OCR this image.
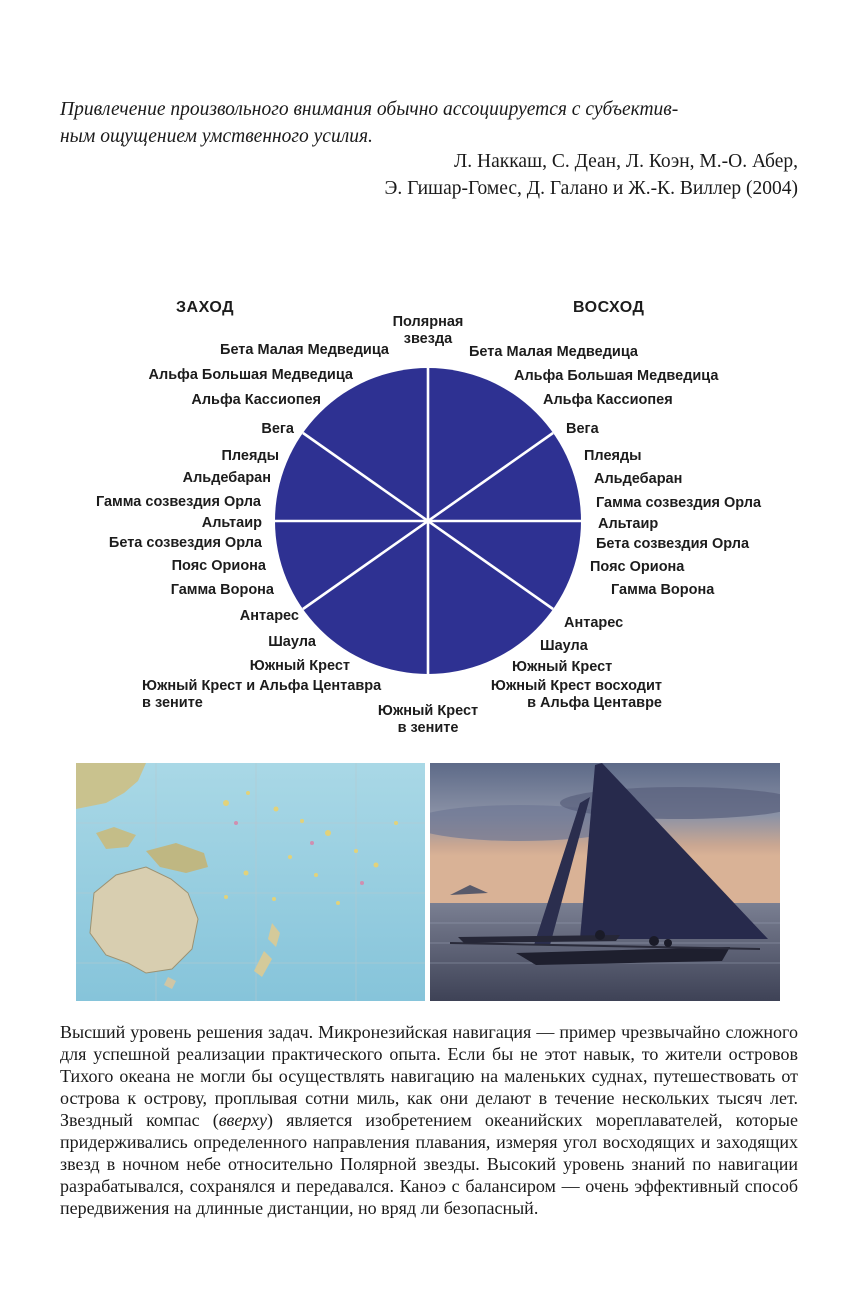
Привлечение произвольного внимания обычно ассоциируется с субъектив-
ным ощущением умственного усилия.
Л. Наккаш, С. Деан, Л. Коэн, М.-О. Абер,
Э. Гишар-Гомес, Д. Галано и Ж.-К. Виллер (2004)
ЗАХОД	ВОСХОД
Полярная
звезда
Бета Малая Медведица
Альфа Большая Медведица
Альфа Кассиопея
Вега
Плеяды
Альдебаран
Гамма созвездия Орла
Альтаир
Бета созвездия Орла
Пояс Ориона
Гамма Ворона
Антарес
Шаула
Южный Крест
Южный Крест и Альфа Центавра
в зените
Бета Малая Медведица
Альфа Большая Медведица
Альфа Кассиопея
Вега
Плеяды
Альдебаран
Гамма созвездия Орла
Альтаир
Бета созвездия Орла
Пояс Ориона
Гамма Ворона
Антарес
Шаула
Южный Крест
Южный Крест восходит
в Альфа Центавре
Южный Крест
в зените
Высший уровень решения задач. Микронезийская навигация — пример чрезвычайно сложного для успешной реализации практического опыта. Если бы не этот навык, то жители островов Тихого океана не могли бы осуществлять навигацию на маленьких суднах, путешествовать от острова к острову, проплывая сотни миль, как они делают в течение нескольких тысяч лет. Звездный компас (вверху) является изобретением океанийских мореплавателей, которые придерживались определенного направления плавания, измеряя угол восходящих и заходящих звезд в ночном небе относительно Полярной звезды. Высокий уровень знаний по навигации разрабатывался, сохранялся и передавался. Каноэ с балансиром — очень эффективный способ передвижения на длинные дистанции, но вряд ли безопасный.
